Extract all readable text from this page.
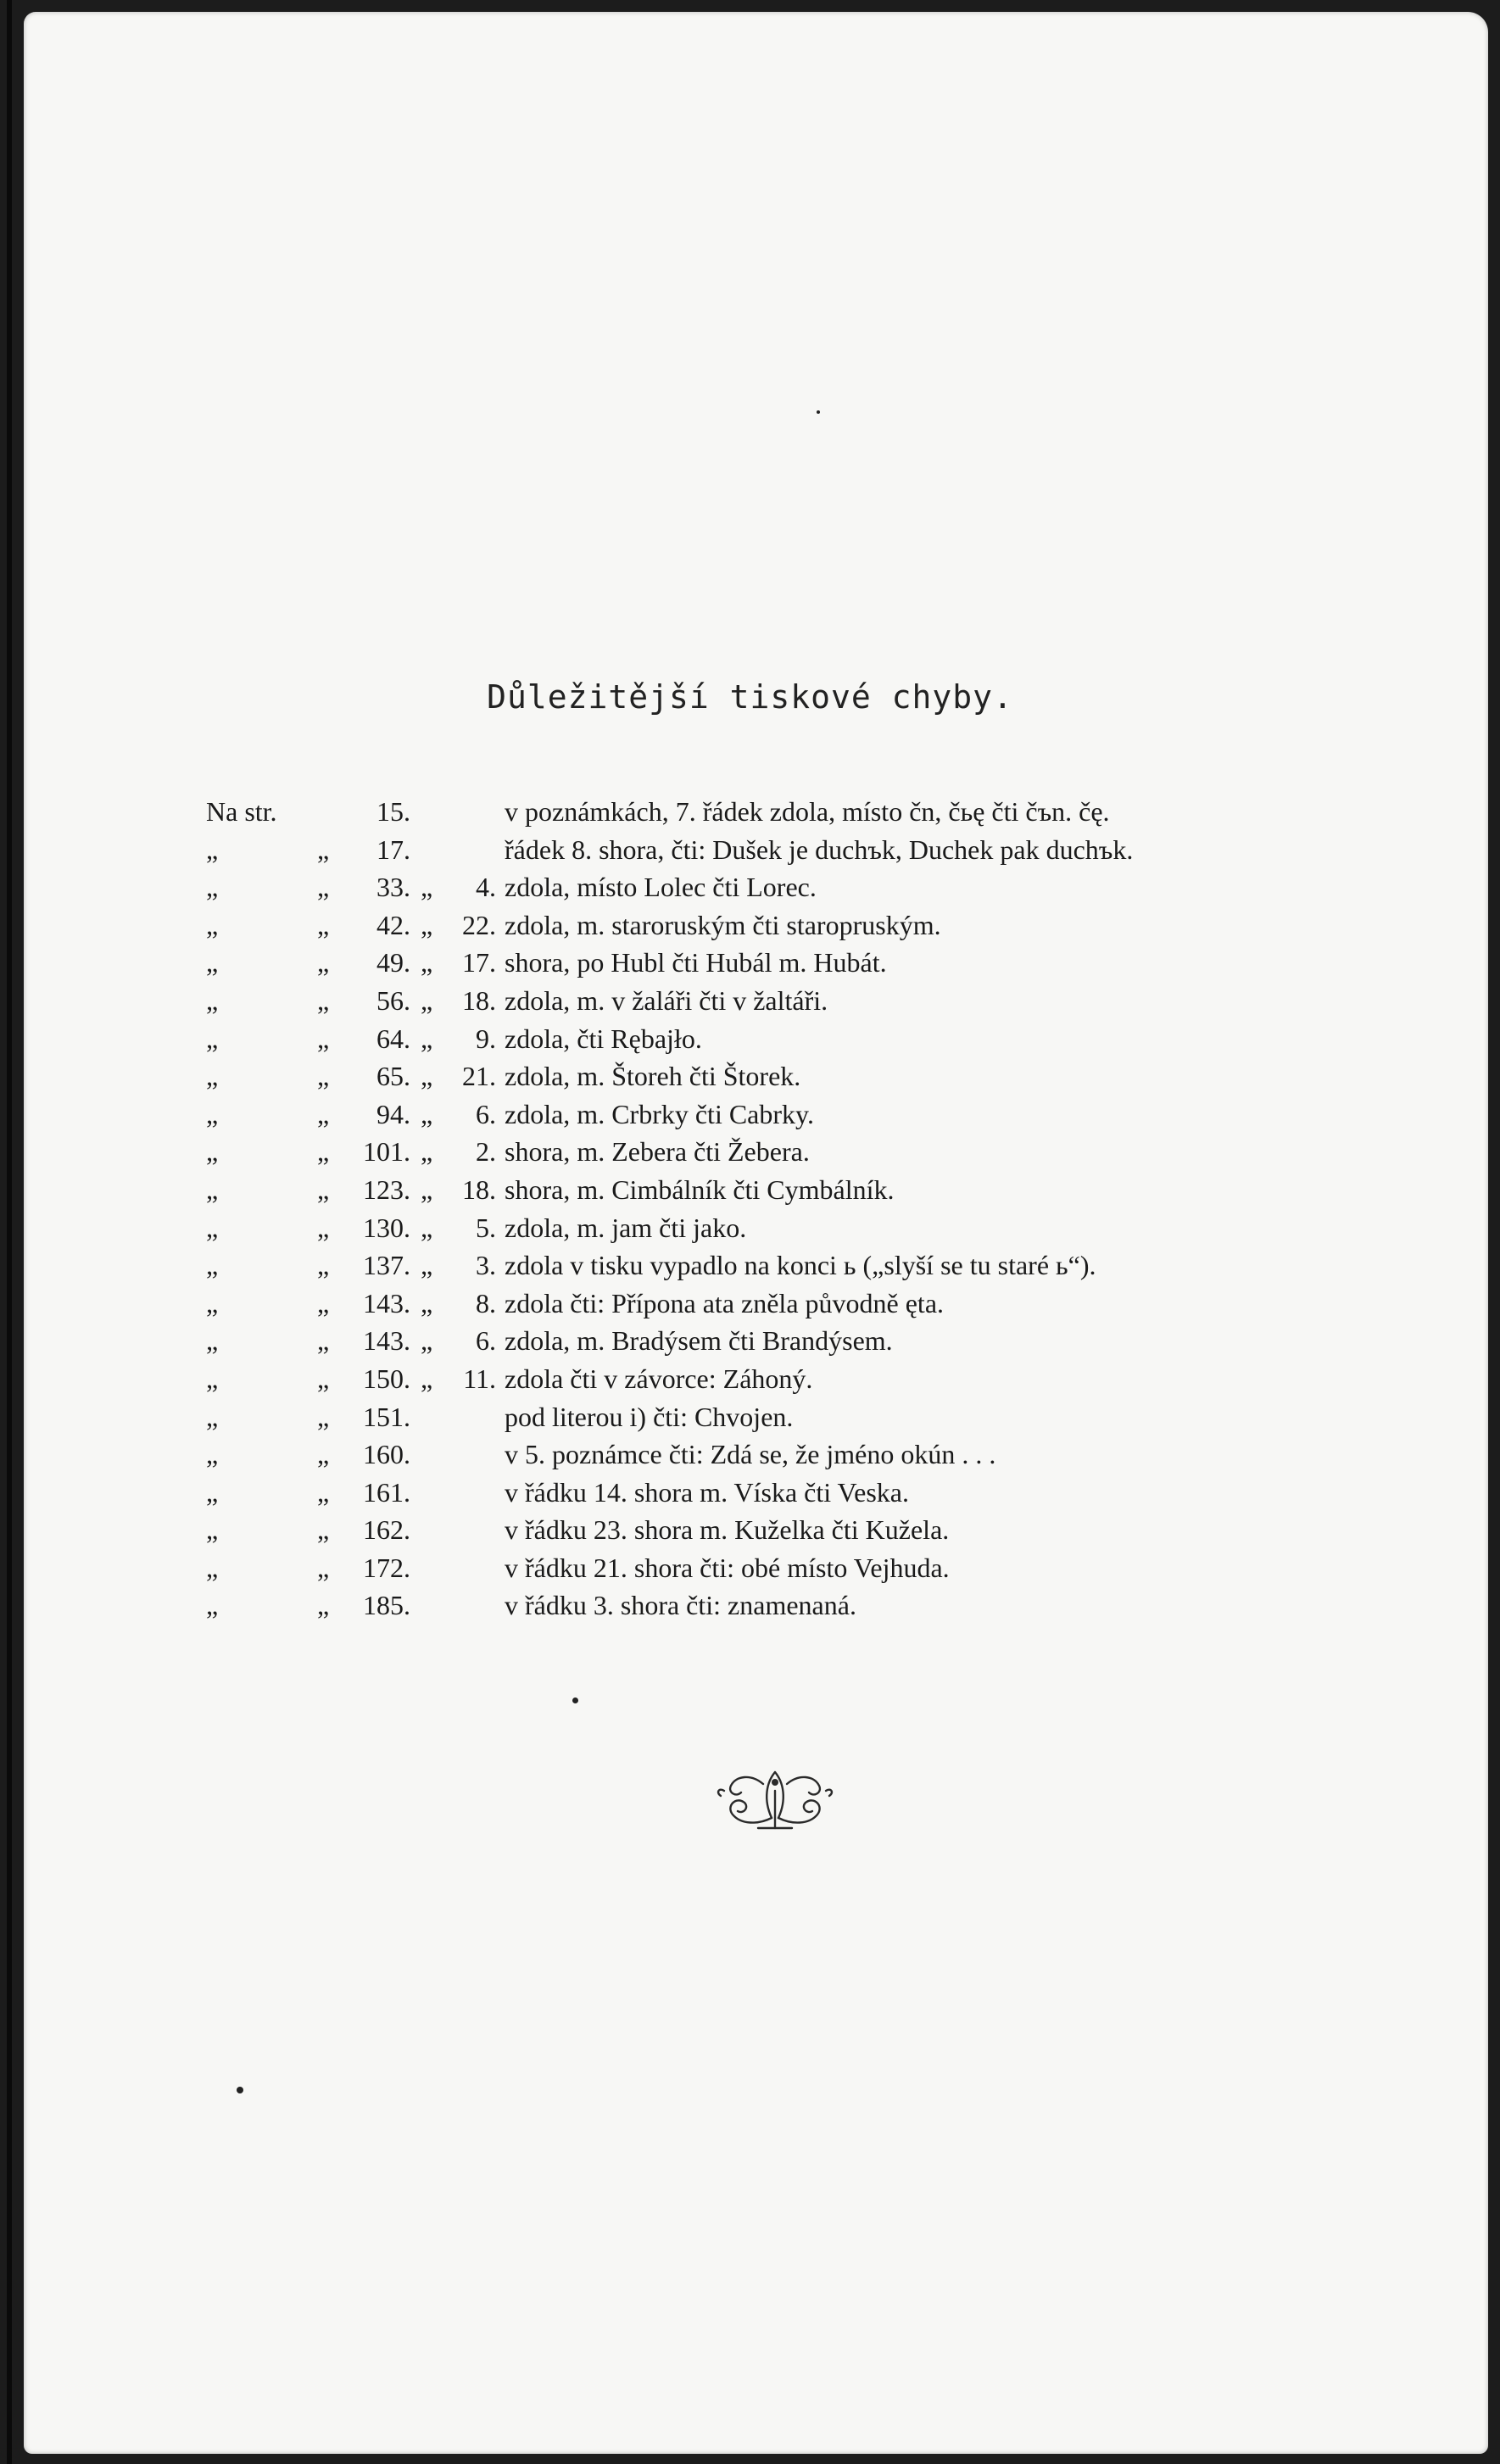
Důležitější tiskové chyby.
Na str.	15.	v poznámkách, 7. řádek zdola, místo čn, čьę čti čъn. čę.
„	„	17.	řádek 8. shora, čti: Dušek je duchъk, Duchek pak duchъk.
„	„	33. „	4. zdola, místo Lolec čti Lorec.
„	„	42. „	22. zdola, m. staroruským čti staropruským.
„	„	49. „	17. shora, po Hubl čti Hubál m. Hubát.
„	„	56. „	18. zdola, m. v žaláři čti v žaltáři.
„	„	64. „	9. zdola, čti Rębajło.
„	„	65. „	21. zdola, m. Štoreh čti Štorek.
„	„	94. „	6. zdola, m. Crbrky čti Cabrky.
„	„	101. „	2. shora, m. Zebera čti Žebera.
„	„	123. „	18. shora, m. Cimbálník čti Cymbálník.
„	„	130. „	5. zdola, m. jam čti jako.
„	„	137. „	3. zdola v tisku vypadlo na konci ь („slyší se tu staré ь“).
„	„	143. „	8. zdola čti: Přípona ata zněla původně ęta.
„	„	143. „	6. zdola, m. Bradýsem čti Brandýsem.
„	„	150. „	11. zdola čti v závorce: Záhoný.
„	„	151.	pod literou i) čti: Chvojen.
„	„	160.	v 5. poznámce čti: Zdá se, že jméno okún . . .
„	„	161.	v řádku 14. shora m. Víska čti Veska.
„	„	162.	v řádku 23. shora m. Kuželka čti Kužela.
„	„	172.	v řádku 21. shora čti: obé místo Vejhuda.
„	„	185.	v řádku 3. shora čti: znamenaná.
